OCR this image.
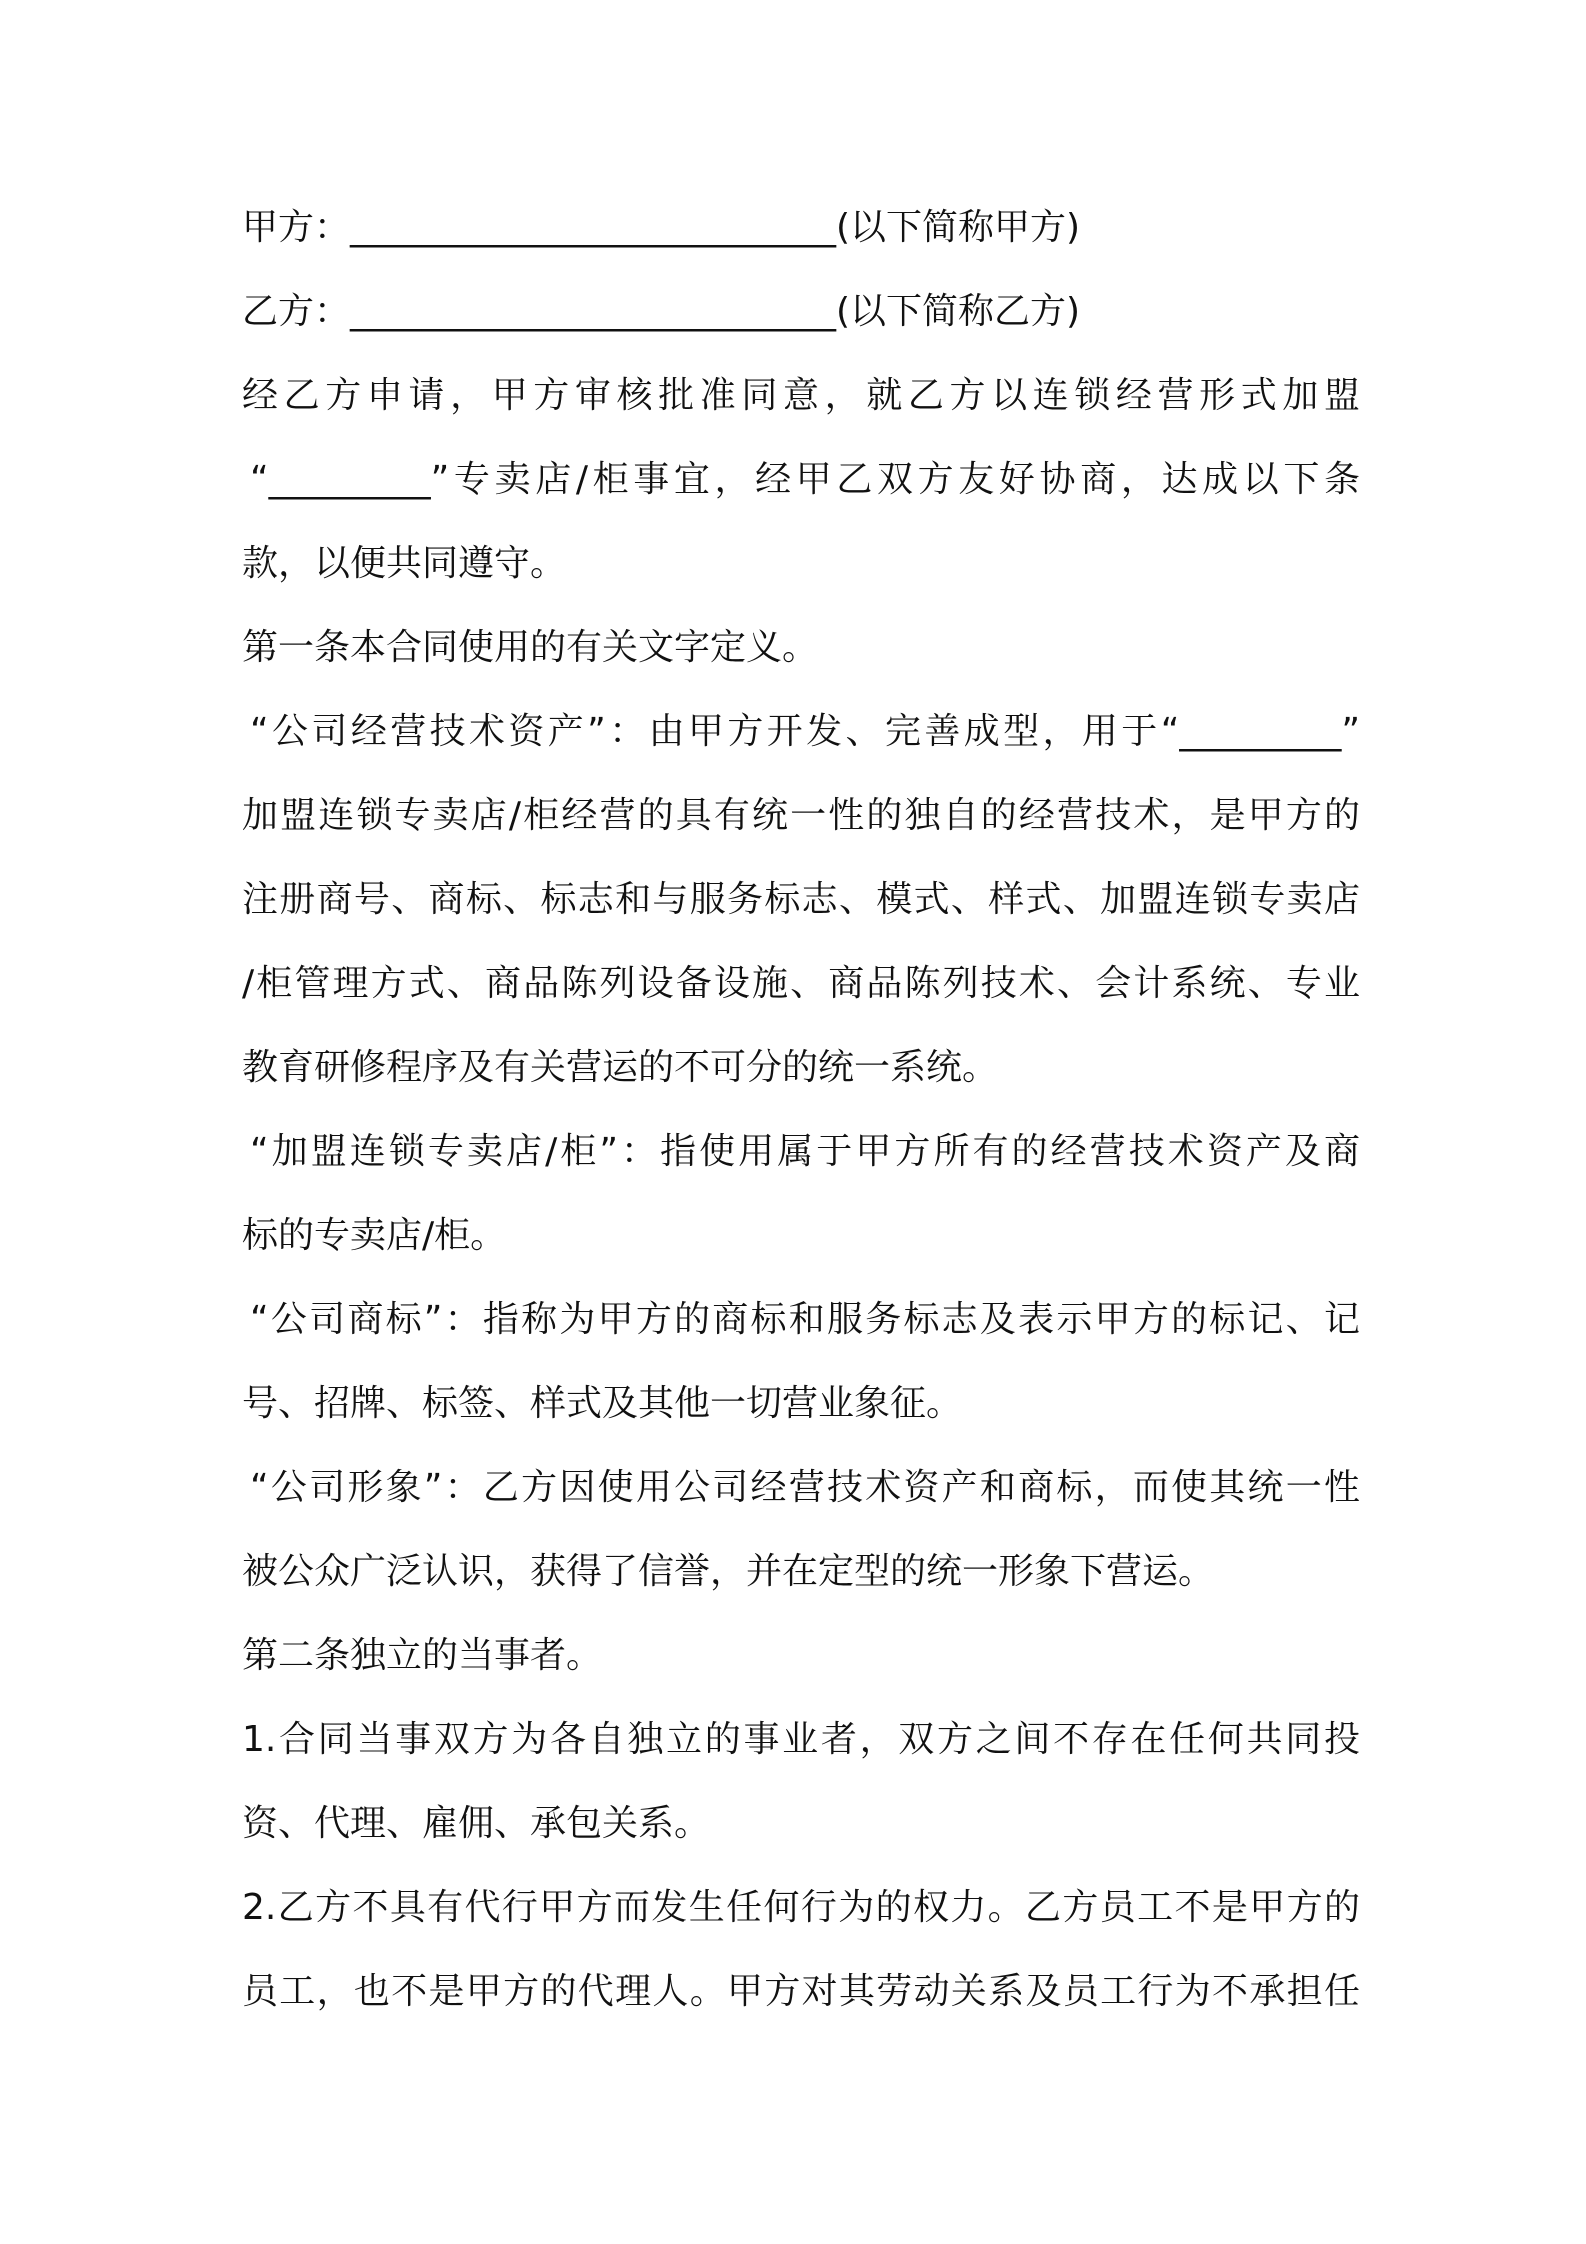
甲方：___________________________(以下简称甲方)
乙方：___________________________(以下简称乙方)
经乙方申请，甲方审核批准同意，就乙方以连锁经营形式加盟
“_________”专卖店/柜事宜，经甲乙双方友好协商，达成以下条
款，以便共同遵守。
第一条本合同使用的有关文字定义。
“公司经营技术资产”：由甲方开发、完善成型，用于“_________”
加盟连锁专卖店/柜经营的具有统一性的独自的经营技术，是甲方的
注册商号、商标、标志和与服务标志、模式、样式、加盟连锁专卖店
/柜管理方式、商品陈列设备设施、商品陈列技术、会计系统、专业
教育研修程序及有关营运的不可分的统一系统。
“加盟连锁专卖店/柜”：指使用属于甲方所有的经营技术资产及商
标的专卖店/柜。
“公司商标”：指称为甲方的商标和服务标志及表示甲方的标记、记
号、招牌、标签、样式及其他一切营业象征。
“公司形象”：乙方因使用公司经营技术资产和商标，而使其统一性
被公众广泛认识，获得了信誉，并在定型的统一形象下营运。
第二条独立的当事者。
1.合同当事双方为各自独立的事业者，双方之间不存在任何共同投
资、代理、雇佣、承包关系。
2.乙方不具有代行甲方而发生任何行为的权力。乙方员工不是甲方的
员工，也不是甲方的代理人。甲方对其劳动关系及员工行为不承担任
